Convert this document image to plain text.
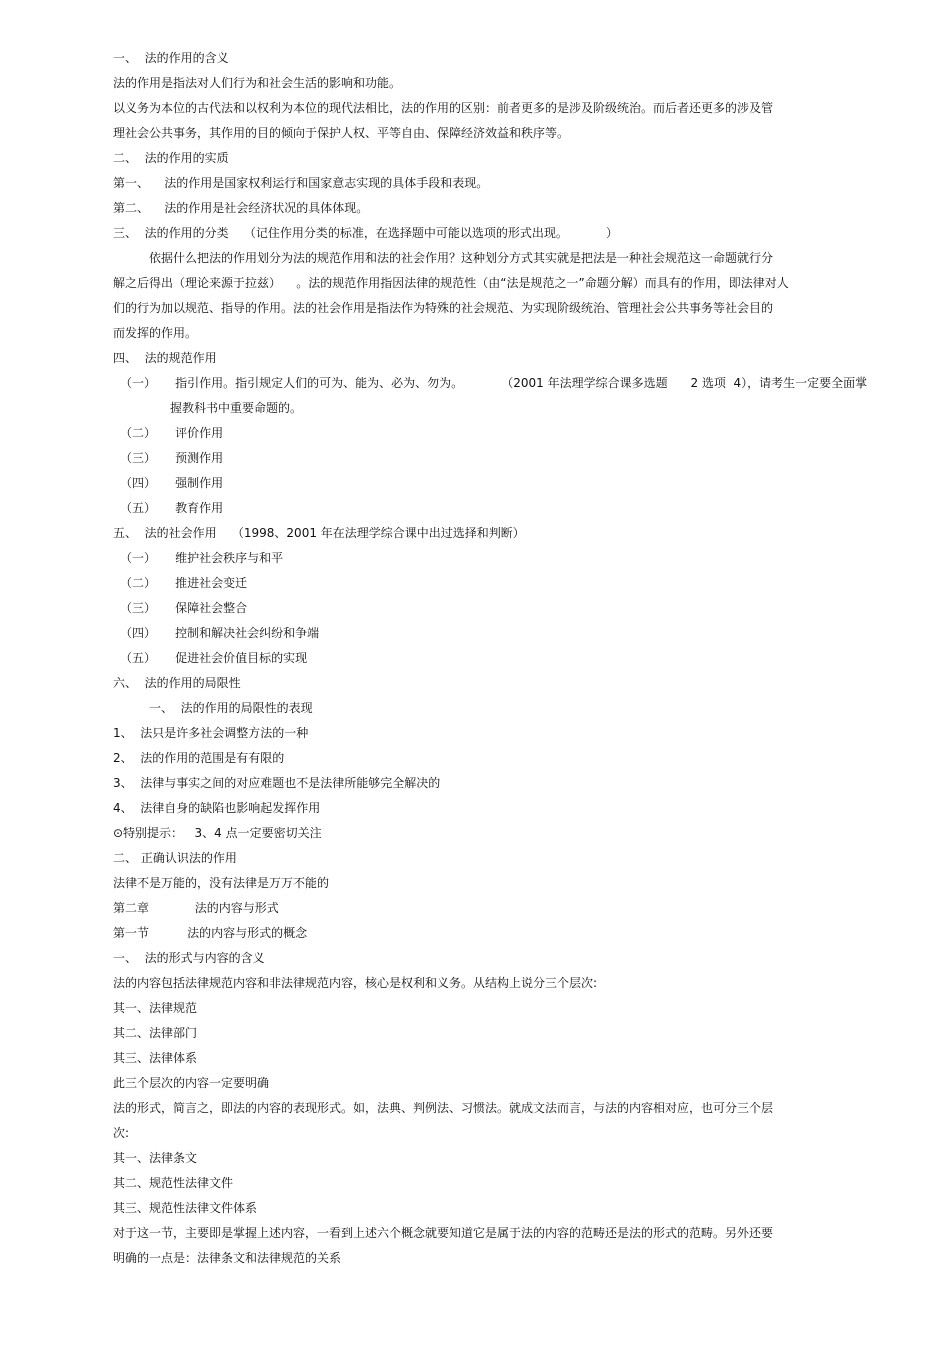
一、  法的作用的含义
法的作用是指法对人们行为和社会生活的影响和功能。
以义务为本位的古代法和以权利为本位的现代法相比，法的作用的区别：前者更多的是涉及阶级统治。而后者还更多的涉及管
理社会公共事务，其作用的目的倾向于保护人权、平等自由、保障经济效益和秩序等。
二、  法的作用的实质
第一、    法的作用是国家权利运行和国家意志实现的具体手段和表现。
第二、    法的作用是社会经济状况的具体体现。
三、  法的作用的分类    （记住作用分类的标准，在选择题中可能以选项的形式出现。          ）
依据什么把法的作用划分为法的规范作用和法的社会作用？这种划分方式其实就是把法是一种社会规范这一命题就行分
解之后得出（理论来源于拉兹）    。法的规范作用指因法律的规范性（由“法是规范之一”命题分解）而具有的作用，即法律对人
们的行为加以规范、指导的作用。法的社会作用是指法作为特殊的社会规范、为实现阶级统治、管理社会公共事务等社会目的
而发挥的作用。
四、  法的规范作用
（一）     指引作用。指引规定人们的可为、能为、必为、勿为。          （2001 年法理学综合课多选题      2 选项  4），请考生一定要全面掌
握教科书中重要命题的。
（二）     评价作用
（三）     预测作用
（四）     强制作用
（五）     教育作用
五、  法的社会作用    （1998、2001 年在法理学综合课中出过选择和判断）
（一）     维护社会秩序与和平
（二）     推进社会变迁
（三）     保障社会整合
（四）     控制和解决社会纠纷和争端
（五）     促进社会价值目标的实现
六、  法的作用的局限性
一、  法的作用的局限性的表现
1、  法只是许多社会调整方法的一种
2、  法的作用的范围是有有限的
3、  法律与事实之间的对应难题也不是法律所能够完全解决的
4、  法律自身的缺陷也影响起发挥作用
⊙特别提示：   3、4 点一定要密切关注
二、 正确认识法的作用
法律不是万能的，没有法律是万万不能的
第二章            法的内容与形式
第一节          法的内容与形式的概念
一、  法的形式与内容的含义
法的内容包括法律规范内容和非法律规范内容，核心是权利和义务。从结构上说分三个层次:
其一、法律规范
其二、法律部门
其三、法律体系
此三个层次的内容一定要明确
法的形式，简言之，即法的内容的表现形式。如，法典、判例法、习惯法。就成文法而言，与法的内容相对应，也可分三个层
次:
其一、法律条文
其二、规范性法律文件
其三、规范性法律文件体系
对于这一节，主要即是掌握上述内容，一看到上述六个概念就要知道它是属于法的内容的范畴还是法的形式的范畴。另外还要
明确的一点是：法律条文和法律规范的关系
